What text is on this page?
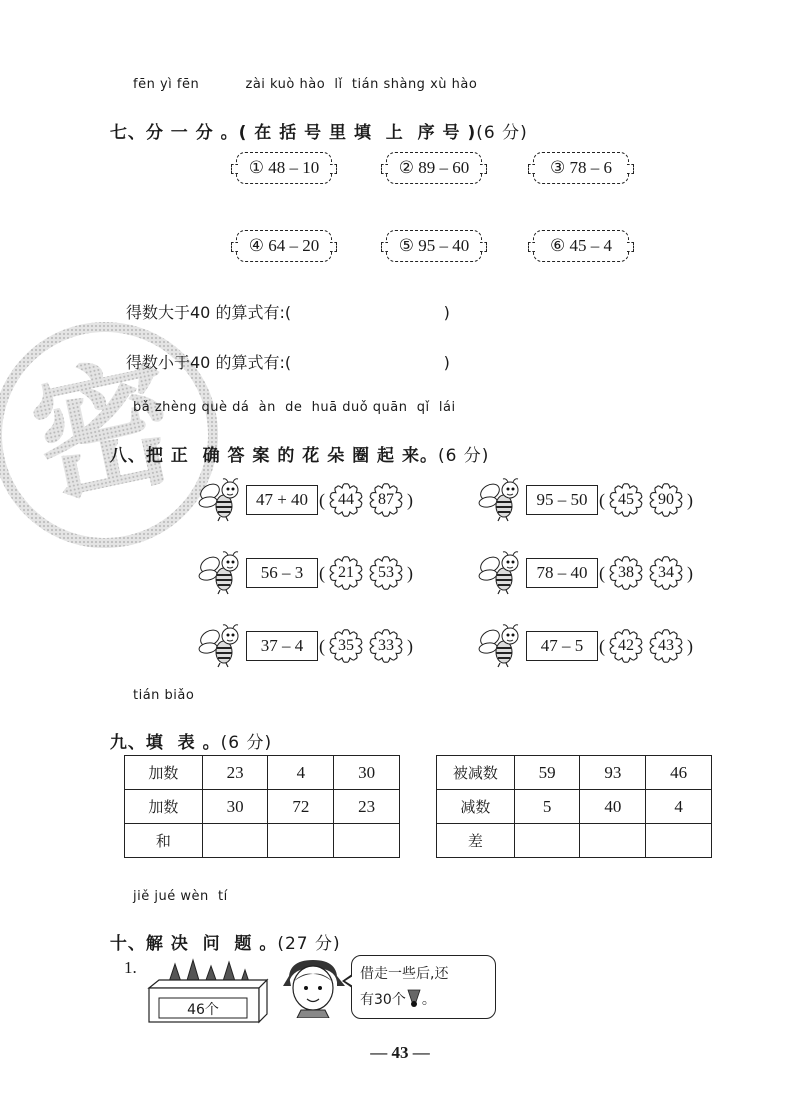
密
fēn yì fēn          zài kuò hào  lǐ  tián shàng xù hào

七、分 一 分 。( 在 括 号 里 填  上  序 号 )(6 分)

① 48 – 10	② 89 – 60	③ 78 – 6
④ 64 – 20	⑤ 95 – 40	⑥ 45 – 4
得数大于40 的算式有:(                              )
得数小于40 的算式有:(                              )
bǎ zhèng què dá  àn  de  huā duǒ quān  qǐ  lái

八、把 正  确 答 案 的 花 朵 圈 起 来。(6 分)

47 + 40 ( 44	87 )	95 – 50 ( 45	90 )
56 – 3 ( 21	53 )	78 – 40 ( 38	34 )
37 – 4 ( 35	33 )	47 – 5 ( 42	43 )
tián biǎo

九、填  表 。(6 分)

加数	23	4	30
加数	30	72	23
和			
被减数	59	93	46
减数	5	40	4
差			
jiě jué wèn  tí

十、解 决  问  题 。(27 分)

1.
46个
借走一些后,还
有30个 。
— 43 —
